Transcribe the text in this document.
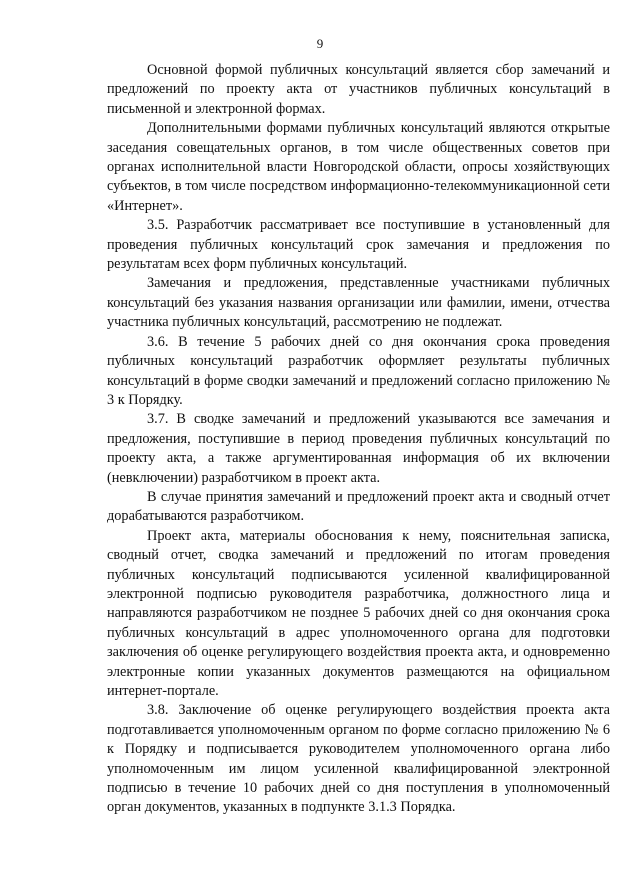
9

Основной формой публичных консультаций является сбор замечаний и предложений по проекту акта от участников публичных консультаций в письменной и электронной формах.

Дополнительными формами публичных консультаций являются открытые заседания совещательных органов, в том числе общественных советов при органах исполнительной власти Новгородской области, опросы хозяйствующих субъектов, в том числе посредством информационно-телекоммуникационной сети «Интернет».

3.5. Разработчик рассматривает все поступившие в установленный для проведения публичных консультаций срок замечания и предложения по результатам всех форм публичных консультаций.

Замечания и предложения, представленные участниками публичных консультаций без указания названия организации или фамилии, имени, отчества участника публичных консультаций, рассмотрению не подлежат.

3.6. В течение 5 рабочих дней со дня окончания срока проведения публичных консультаций разработчик оформляет результаты публичных консультаций в форме сводки замечаний и предложений согласно приложению № 3 к Порядку.

3.7. В сводке замечаний и предложений указываются все замечания и предложения, поступившие в период проведения публичных консультаций по проекту акта, а также аргументированная информация об их включении (невключении) разработчиком в проект акта.

В случае принятия замечаний и предложений проект акта и сводный отчет дорабатываются разработчиком.

Проект акта, материалы обоснования к нему, пояснительная записка, сводный отчет, сводка замечаний и предложений по итогам проведения публичных консультаций подписываются усиленной квалифицированной электронной подписью руководителя разработчика, должностного лица и направляются разработчиком не позднее 5 рабочих дней со дня окончания срока публичных консультаций в адрес уполномоченного органа для подготовки заключения об оценке регулирующего воздействия проекта акта, и одновременно электронные копии указанных документов размещаются на официальном интернет-портале.

3.8. Заключение об оценке регулирующего воздействия проекта акта подготавливается уполномоченным органом по форме согласно приложению № 6 к Порядку и подписывается руководителем уполномоченного органа либо уполномоченным им лицом усиленной квалифицированной электронной подписью в течение 10 рабочих дней со дня поступления в уполномоченный орган документов, указанных в подпункте 3.1.3 Порядка.
